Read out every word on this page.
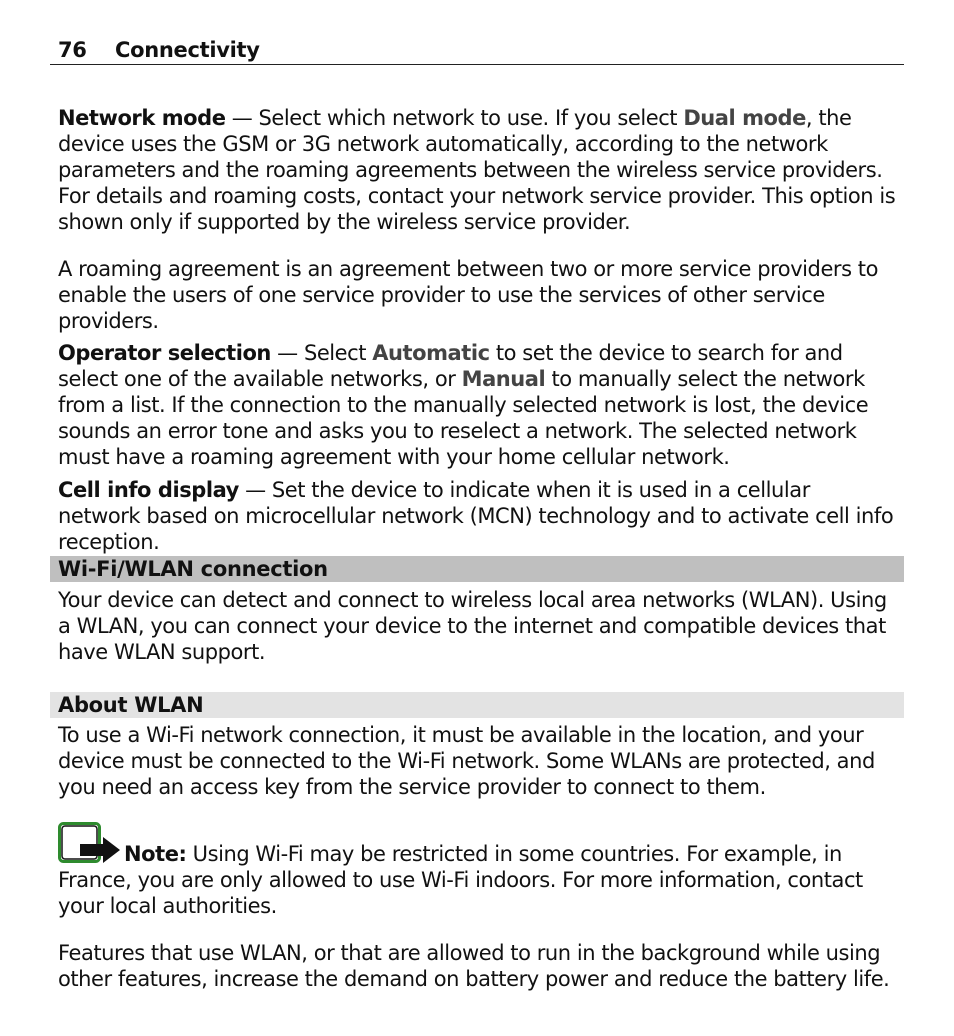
76 Connectivity
Network mode — Select which network to use. If you select Dual mode, the device uses the GSM or 3G network automatically, according to the network parameters and the roaming agreements between the wireless service providers. For details and roaming costs, contact your network service provider. This option is shown only if supported by the wireless service provider.
A roaming agreement is an agreement between two or more service providers to enable the users of one service provider to use the services of other service providers.
Operator selection — Select Automatic to set the device to search for and select one of the available networks, or Manual to manually select the network from a list. If the connection to the manually selected network is lost, the device sounds an error tone and asks you to reselect a network. The selected network must have a roaming agreement with your home cellular network.
Cell info display — Set the device to indicate when it is used in a cellular network based on microcellular network (MCN) technology and to activate cell info reception.
Wi-Fi/WLAN connection
Your device can detect and connect to wireless local area networks (WLAN). Using a WLAN, you can connect your device to the internet and compatible devices that have WLAN support.
About WLAN
To use a Wi-Fi network connection, it must be available in the location, and your device must be connected to the Wi-Fi network. Some WLANs are protected, and you need an access key from the service provider to connect to them.
Note: Using Wi-Fi may be restricted in some countries. For example, in France, you are only allowed to use Wi-Fi indoors. For more information, contact your local authorities.
Features that use WLAN, or that are allowed to run in the background while using other features, increase the demand on battery power and reduce the battery life.
